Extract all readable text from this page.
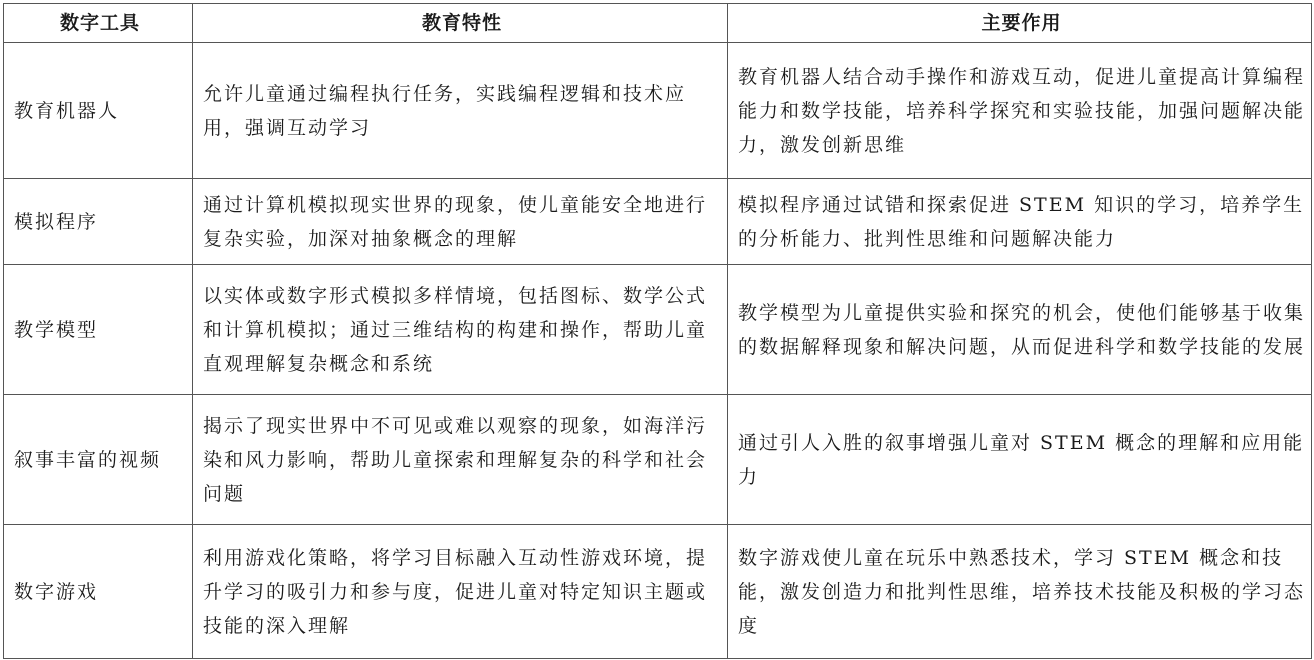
数字工具	教育特性	主要作用
教育机器人	允许儿童通过编程执行任务，实践编程逻辑和技术应用，强调互动学习	教育机器人结合动手操作和游戏互动，促进儿童提高计算编程能力和数学技能，培养科学探究和实验技能，加强问题解决能力，激发创新思维
模拟程序	通过计算机模拟现实世界的现象，使儿童能安全地进行复杂实验，加深对抽象概念的理解	模拟程序通过试错和探索促进 STEM 知识的学习，培养学生的分析能力、批判性思维和问题解决能力
教学模型	以实体或数字形式模拟多样情境，包括图标、数学公式和计算机模拟；通过三维结构的构建和操作，帮助儿童直观理解复杂概念和系统	教学模型为儿童提供实验和探究的机会，使他们能够基于收集的数据解释现象和解决问题，从而促进科学和数学技能的发展
叙事丰富的视频	揭示了现实世界中不可见或难以观察的现象，如海洋污染和风力影响，帮助儿童探索和理解复杂的科学和社会问题	通过引人入胜的叙事增强儿童对 STEM 概念的理解和应用能力
数字游戏	利用游戏化策略，将学习目标融入互动性游戏环境，提升学习的吸引力和参与度，促进儿童对特定知识主题或技能的深入理解	数字游戏使儿童在玩乐中熟悉技术，学习 STEM 概念和技能，激发创造力和批判性思维，培养技术技能及积极的学习态度
